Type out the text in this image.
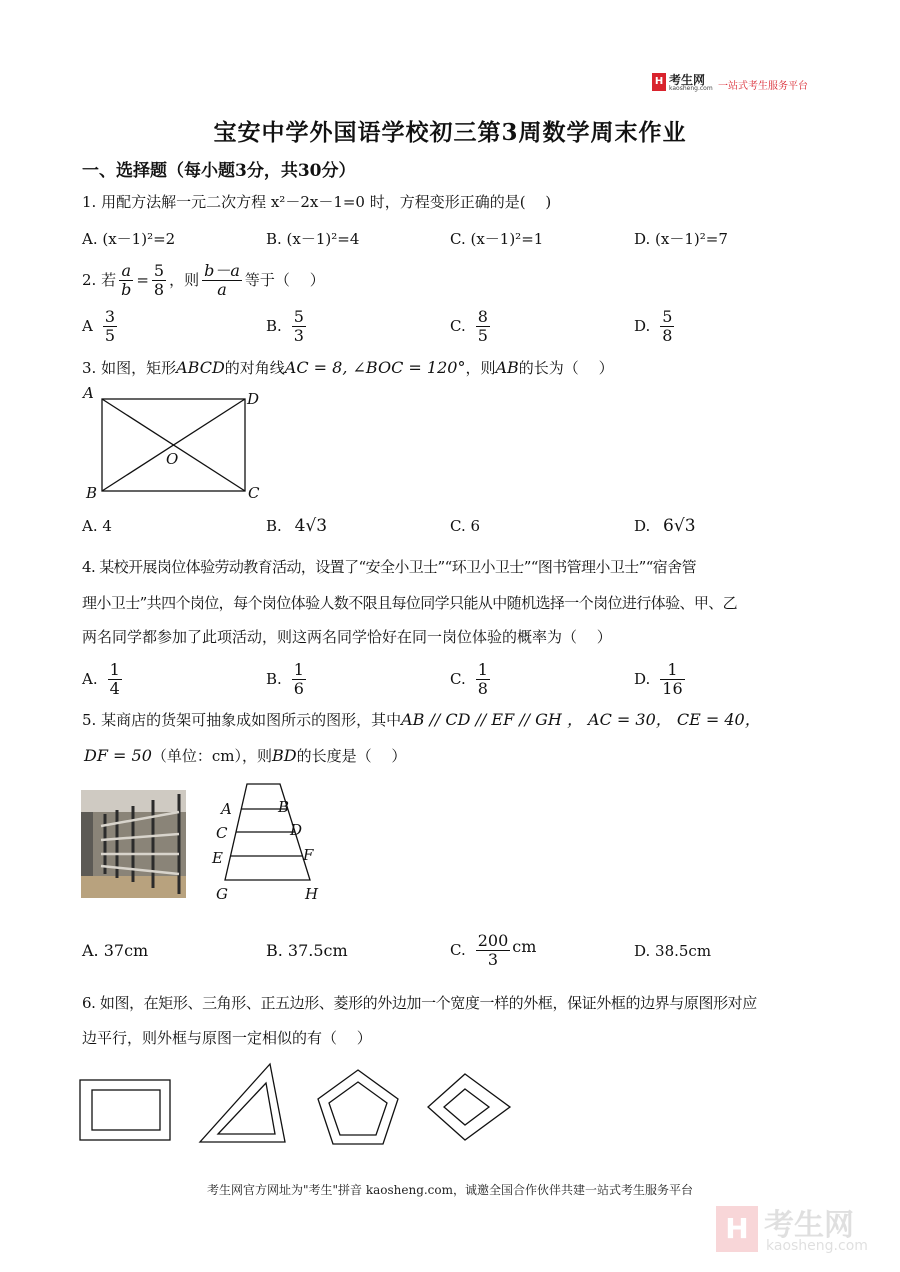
H 考生网
kaosheng.com 一站式考生服务平台
宝安中学外国语学校初三第3周数学周末作业
一、选择题（每小题3分，共30分）
1. 用配方法解一元二次方程 x²－2x－1=0 时，方程变形正确的是(　 )
A. (x－1)²=2	B. (x－1)²=4	C. (x－1)²=1	D. (x－1)²=7
2. 若 $\frac{a}{b} = \frac{5}{8}$ ，则 $\frac{b-a}{a}$ 等于（　 ）
A $\frac{3}{5}$	B. $\frac{5}{3}$	C. $\frac{8}{5}$	D. $\frac{5}{8}$
3. 如图，矩形ABCD的对角线AC = 8, ∠BOC = 120°，则AB的长为（　 ）
A	D
O
B	C
A. 4	B. 4√3	C. 6	D. 6√3
4. 某校开展岗位体验劳动教育活动，设置了“安全小卫士”“环卫小卫士”“图书管理小卫士”“宿舍管
理小卫士”共四个岗位，每个岗位体验人数不限且每位同学只能从中随机选择一个岗位进行体验、甲、乙
两名同学都参加了此项活动，则这两名同学恰好在同一岗位体验的概率为（　 ）
A. $\frac{1}{4}$	B. $\frac{1}{6}$	C. $\frac{1}{8}$	D. $\frac{1}{16}$
5. 某商店的货架可抽象成如图所示的图形，其中AB // CD // EF // GH ， AC = 30， CE = 40，
DF = 50（单位：cm），则BD的长度是（　 ）
A	B
C	D
E	F
G	H
A. 37cm	B. 37.5cm	C. $\frac{200}{3}$ cm	D. 38.5cm
6. 如图，在矩形、三角形、正五边形、菱形的外边加一个宽度一样的外框，保证外框的边界与原图形对应
边平行，则外框与原图一定相似的有（　 ）
考生网官方网址为"考生"拼音 kaosheng.com，诚邀全国合作伙伴共建一站式考生服务平台
H 考生网
kaosheng.com
